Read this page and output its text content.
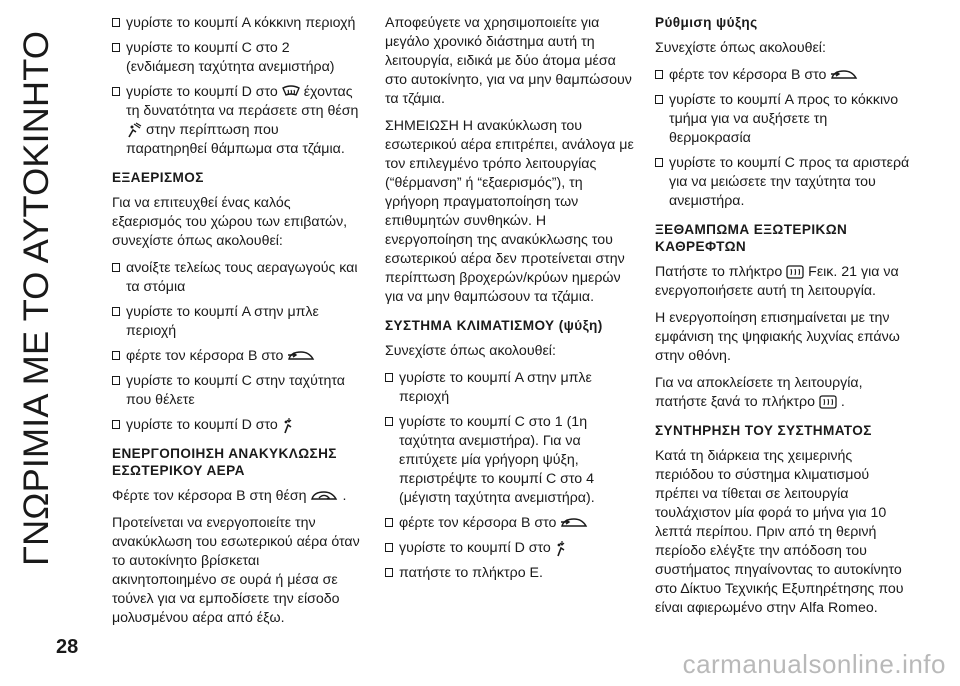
ΓΝΩΡΙΜΙΑ ΜΕ ΤΟ ΑΥΤΟΚΙΝΗΤΟ
28

γυρίστε το κουμπί A κόκκινη περιοχή

γυρίστε το κουμπί C στο 2 (ενδιάμεση ταχύτητα ανεμιστήρα)

γυρίστε το κουμπί D στο έχοντας τη δυνατότητα να περάσετε στη θέση
στην περίπτωση που παρατηρηθεί θάμπωμα στα τζάμια.

ΕΞΑΕΡΙΣΜΟΣ

Για να επιτευχθεί ένας καλός εξαερισμός του χώρου των επιβατών, συνεχίστε όπως ακολουθεί:

ανοίξτε τελείως τους αεραγωγούς και τα στόμια

γυρίστε το κουμπί A στην μπλε περιοχή

φέρτε τον κέρσορα B στο

γυρίστε το κουμπί C στην ταχύτητα που θέλετε

γυρίστε το κουμπί D στο

ΕΝΕΡΓΟΠΟΙΗΣΗ ΑΝΑΚΥΚΛΩΣΗΣ ΕΣΩΤΕΡΙΚΟΥ ΑΕΡΑ

Φέρτε τον κέρσορα B στη θέση	.

Προτείνεται να ενεργοποιείτε την ανακύκλωση του εσωτερικού αέρα όταν το αυτοκίνητο βρίσκεται ακινητοποιημένο σε ουρά ή μέσα σε τούνελ για να εμποδίσετε την είσοδο μολυσμένου αέρα από έξω.

Αποφεύγετε να χρησιμοποιείτε για μεγάλο χρονικό διάστημα αυτή τη λειτουργία, ειδικά με δύο άτομα μέσα στο αυτοκίνητο, για να μην θαμπώσουν τα τζάμια.

ΣΗΜΕΙΩΣΗ Η ανακύκλωση του εσωτερικού αέρα επιτρέπει, ανάλογα με τον επιλεγμένο τρόπο λειτουργίας (“θέρμανση” ή “εξαερισμός”), τη γρήγορη πραγματοποίηση των επιθυμητών συνθηκών. Η ενεργοποίηση της ανακύκλωσης του εσωτερικού αέρα δεν προτείνεται στην περίπτωση βροχερών/κρύων ημερών για να μην θαμπώσουν τα τζάμια.

ΣΥΣΤΗΜΑ ΚΛΙΜΑΤΙΣΜΟΥ (ψύξη)

Συνεχίστε όπως ακολουθεί:

γυρίστε το κουμπί A στην μπλε περιοχή

γυρίστε το κουμπί C στο 1 (1η ταχύτητα ανεμιστήρα). Για να επιτύχετε μία γρήγορη ψύξη, περιστρέψτε το κουμπί C στο 4 (μέγιστη ταχύτητα ανεμιστήρα).

φέρτε τον κέρσορα B στο

γυρίστε το κουμπί D στο

πατήστε το πλήκτρο E.

Ρύθμιση ψύξης

Συνεχίστε όπως ακολουθεί:

φέρτε τον κέρσορα B στο

γυρίστε το κουμπί A προς το κόκκινο τμήμα για να αυξήσετε τη θερμοκρασία

γυρίστε το κουμπί C προς τα αριστερά για να μειώσετε την ταχύτητα του ανεμιστήρα.

ΞΕΘΑΜΠΩΜΑ ΕΞΩΤΕΡΙΚΩΝ ΚΑΘΡΕΦΤΩΝ

Πατήστε το πλήκτρο Fεικ. 21 για να ενεργοποιήσετε αυτή τη λειτουργία.

Η ενεργοποίηση επισημαίνεται με την εμφάνιση της ψηφιακής λυχνίας επάνω στην οθόνη.

Για να αποκλείσετε τη λειτουργία, πατήστε ξανά το πλήκτρο .

ΣΥΝΤΗΡΗΣΗ ΤΟΥ ΣΥΣΤΗΜΑΤΟΣ

Κατά τη διάρκεια της χειμερινής περιόδου το σύστημα κλιματισμού πρέπει να τίθεται σε λειτουργία τουλάχιστον μία φορά το μήνα για 10 λεπτά περίπου. Πριν από τη θερινή περίοδο ελέγξτε την απόδοση του συστήματος πηγαίνοντας το αυτοκίνητο στο Δίκτυο Τεχνικής Εξυπηρέτησης που είναι αφιερωμένο στην Alfa Romeo.

carmanualsonline.info
